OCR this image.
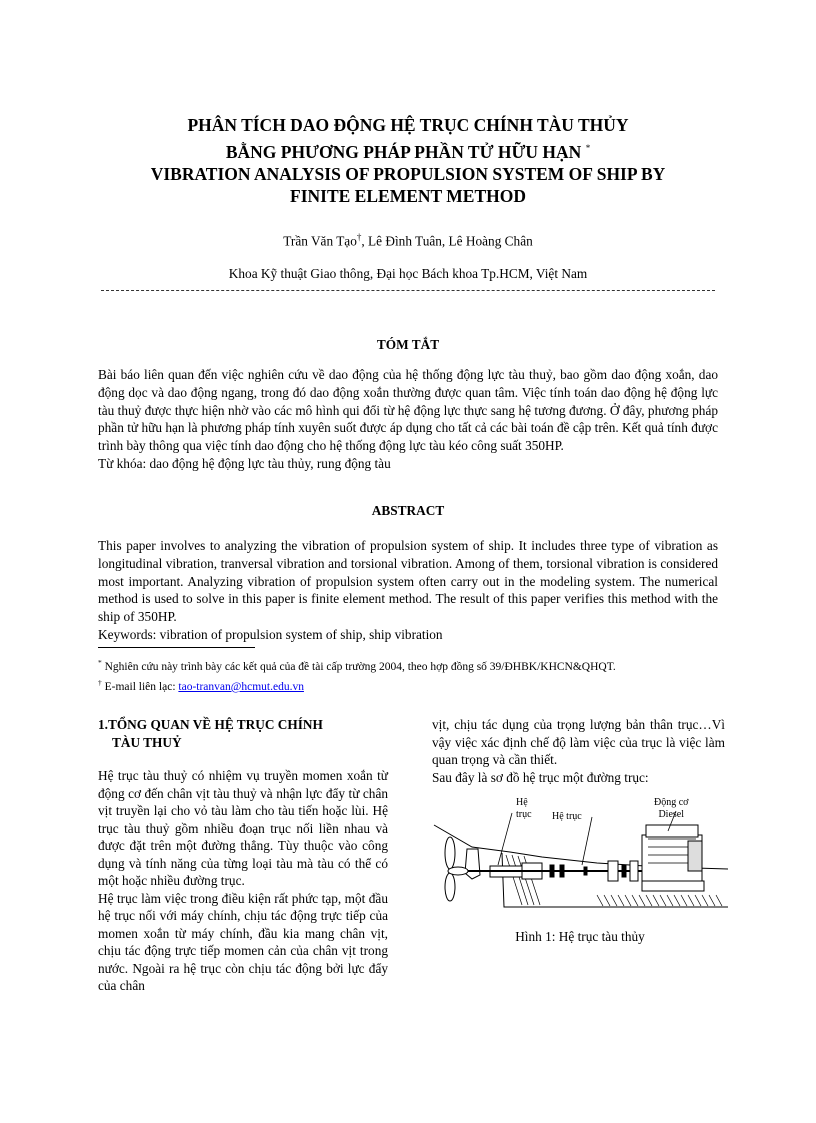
PHÂN TÍCH DAO ĐỘNG HỆ TRỤC CHÍNH TÀU THỦY
BẰNG PHƯƠNG PHÁP PHẦN TỬ HỮU HẠN *
VIBRATION ANALYSIS OF PROPULSION SYSTEM OF SHIP BY
FINITE ELEMENT METHOD
Trần Văn Tạo†, Lê Đình Tuân, Lê Hoàng Chân
Khoa Kỹ thuật Giao thông, Đại học Bách khoa Tp.HCM, Việt Nam
TÓM TẮT

Bài báo liên quan đến việc nghiên cứu về dao động của hệ thống động lực tàu thuỷ, bao gồm dao động xoắn, dao động dọc và dao động ngang, trong đó dao động xoắn thường được quan tâm. Việc tính toán dao động hệ động lực tàu thuỷ được thực hiện nhờ vào các mô hình qui đổi từ hệ động lực thực sang hệ tương đương. Ở đây, phương pháp phần tử hữu hạn là phương pháp tính xuyên suốt được áp dụng cho tất cả các bài toán đề cập trên. Kết quả tính được trình bày thông qua việc tính dao động cho hệ thống động lực tàu kéo công suất 350HP.

Từ khóa: dao động hệ động lực tàu thủy, rung động tàu

ABSTRACT

This paper involves to analyzing the vibration of propulsion system of ship. It includes three type of vibration as longitudinal vibration, tranversal vibration and torsional vibration. Among of them, torsional vibration is considered most important. Analyzing vibration of propulsion system often carry out in the modeling system. The numerical method is used to solve in this paper is finite element method. The result of this paper verifies this method with the ship of 350HP.

Keywords: vibration of propulsion system of ship, ship vibration

* Nghiên cứu này trình bày các kết quả của đề tài cấp trường 2004, theo hợp đồng số 39/ĐHBK/KHCN&QHQT.
† E-mail liên lạc: tao-tranvan@hcmut.edu.vn
1.TỔNG QUAN VỀ HỆ TRỤC CHÍNH
TÀU THUỶ

Hệ trục tàu thuỷ có nhiệm vụ truyền momen xoắn từ động cơ đến chân vịt tàu thuỷ và nhận lực đẩy từ chân vịt truyền lại cho vỏ tàu làm cho tàu tiến hoặc lùi. Hệ trục tàu thuỷ gồm nhiều đoạn trục nối liền nhau và được đặt trên một đường thẳng. Tùy thuộc vào công dụng và tính năng của từng loại tàu mà tàu có thể có một hoặc nhiều đường trục.

Hệ trục làm việc trong điều kiện rất phức tạp, một đầu hệ trục nối với máy chính, chịu tác động trực tiếp của momen xoắn từ máy chính, đầu kia mang chân vịt, chịu tác động trực tiếp momen cản của chân vịt trong nước. Ngoài ra hệ trục còn chịu tác động bởi lực đẩy của chân

vịt, chịu tác dụng của trọng lượng bản thân trục…Vì vậy việc xác định chế độ làm việc của trục là việc làm quan trọng và cần thiết.

Sau đây là sơ đồ hệ trục một đường trục:

Hệ
trục Hệ trục
Động cơ
Diesel
Hình 1: Hệ trục tàu thủy
